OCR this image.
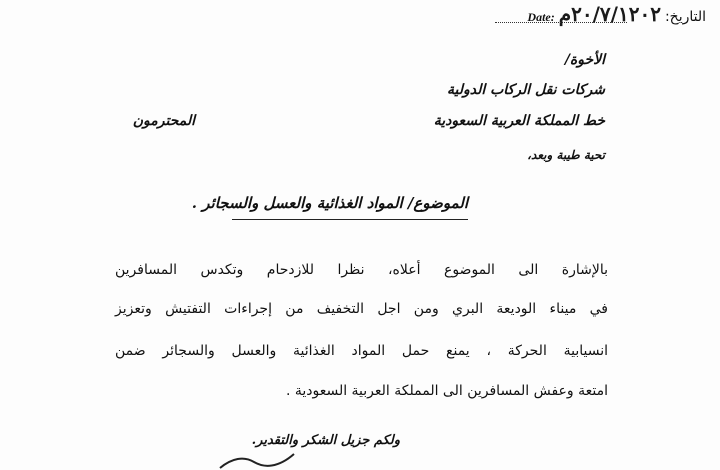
التاريخ:
٢٠/٧/١٢٠٢م
Date:
الأخوة/
شركات نقل الركاب الدولية
خط المملكة العربية السعودية
المحترمون
تحية طيبة وبعد،
الموضوع/ المواد الغذائية والعسل والسجائر .
بالإشارة الى الموضوع أعلاه، نظرا للازدحام وتكدس المسافرين
في ميناء الوديعة البري ومن اجل التخفيف من إجراءات التفتيش وتعزيز
انسيابية الحركة ، يمنع حمل المواد الغذائية والعسل والسجائر ضمن
امتعة وعفش المسافرين الى المملكة العربية السعودية .
ولكم جزيل الشكر والتقدير.
